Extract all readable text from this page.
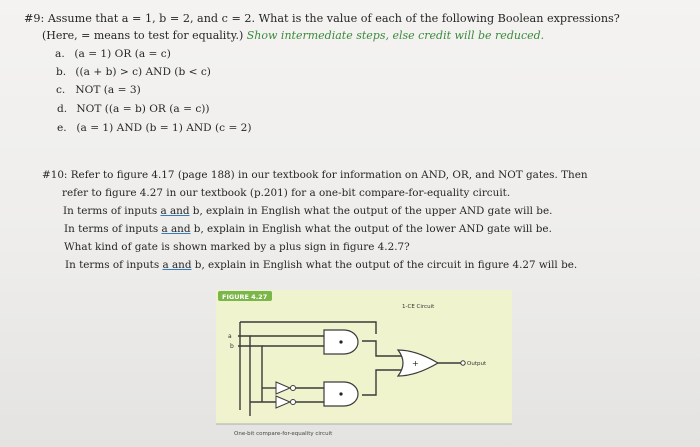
#9: Assume that a = 1, b = 2, and c = 2. What is the value of each of the following Boolean expressions?
(Here, = means to test for equality.) Show intermediate steps, else credit will be reduced.
a. (a = 1) OR (a = c)
b. ((a + b) > c) AND (b < c)
c. NOT (a = 3)
d. NOT ((a = b) OR (a = c))
e. (a = 1) AND (b = 1) AND (c = 2)
#10: Refer to figure 4.17 (page 188) in our textbook for information on AND, OR, and NOT gates. Then
refer to figure 4.27 in our textbook (p.201) for a one-bit compare-for-equality circuit.
In terms of inputs a and b, explain in English what the output of the upper AND gate will be.
In terms of inputs a and b, explain in English what the output of the lower AND gate will be.
What kind of gate is shown marked by a plus sign in figure 4.2.7?
In terms of inputs a and b, explain in English what the output of the circuit in figure 4.27 will be.
FIGURE 4.27
1-CE Circuit
a
b
+	Output
One-bit compare-for-equality circuit
